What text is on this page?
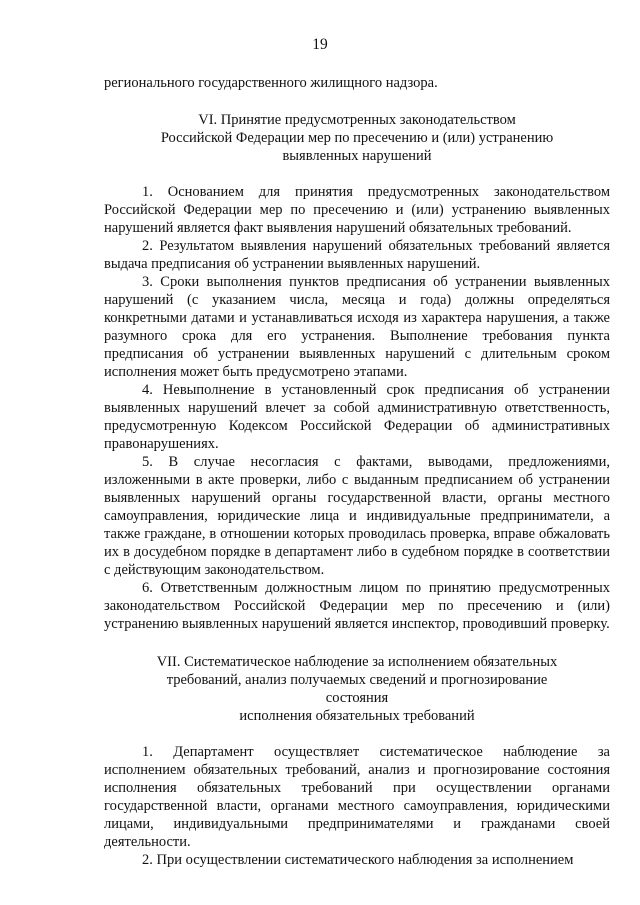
19

регионального государственного жилищного надзора.

VI. Принятие предусмотренных законодательством
Российской Федерации мер по пресечению и (или) устранению
выявленных нарушений

1. Основанием для принятия предусмотренных законодательством Российской Федерации мер по пресечению и (или) устранению выявленных нарушений является факт выявления нарушений обязательных требований.

2. Результатом выявления нарушений обязательных требований является выдача предписания об устранении выявленных нарушений.

3. Сроки выполнения пунктов предписания об устранении выявленных нарушений (с указанием числа, месяца и года) должны определяться конкретными датами и устанавливаться исходя из характера нарушения, а также разумного срока для его устранения. Выполнение требования пункта предписания об устранении выявленных нарушений с длительным сроком исполнения может быть предусмотрено этапами.

4. Невыполнение в установленный срок предписания об устранении выявленных нарушений влечет за собой административную ответственность, предусмотренную Кодексом Российской Федерации об административных правонарушениях.

5. В случае несогласия с фактами, выводами, предложениями, изложенными в акте проверки, либо с выданным предписанием об устранении выявленных нарушений органы государственной власти, органы местного самоуправления, юридические лица и индивидуальные предприниматели, а также граждане, в отношении которых проводилась проверка, вправе обжаловать их в досудебном порядке в департамент либо в судебном порядке в соответствии с действующим законодательством.

6. Ответственным должностным лицом по принятию предусмотренных законодательством Российской Федерации мер по пресечению и (или) устранению выявленных нарушений является инспектор, проводивший проверку.

VII. Систематическое наблюдение за исполнением обязательных
требований, анализ получаемых сведений и прогнозирование состояния
исполнения обязательных требований

1. Департамент осуществляет систематическое наблюдение за исполнением обязательных требований, анализ и прогнозирование состояния исполнения обязательных требований при осуществлении органами государственной власти, органами местного самоуправления, юридическими лицами, индивидуальными предпринимателями и гражданами своей деятельности.

2. При осуществлении систематического наблюдения за исполнением
